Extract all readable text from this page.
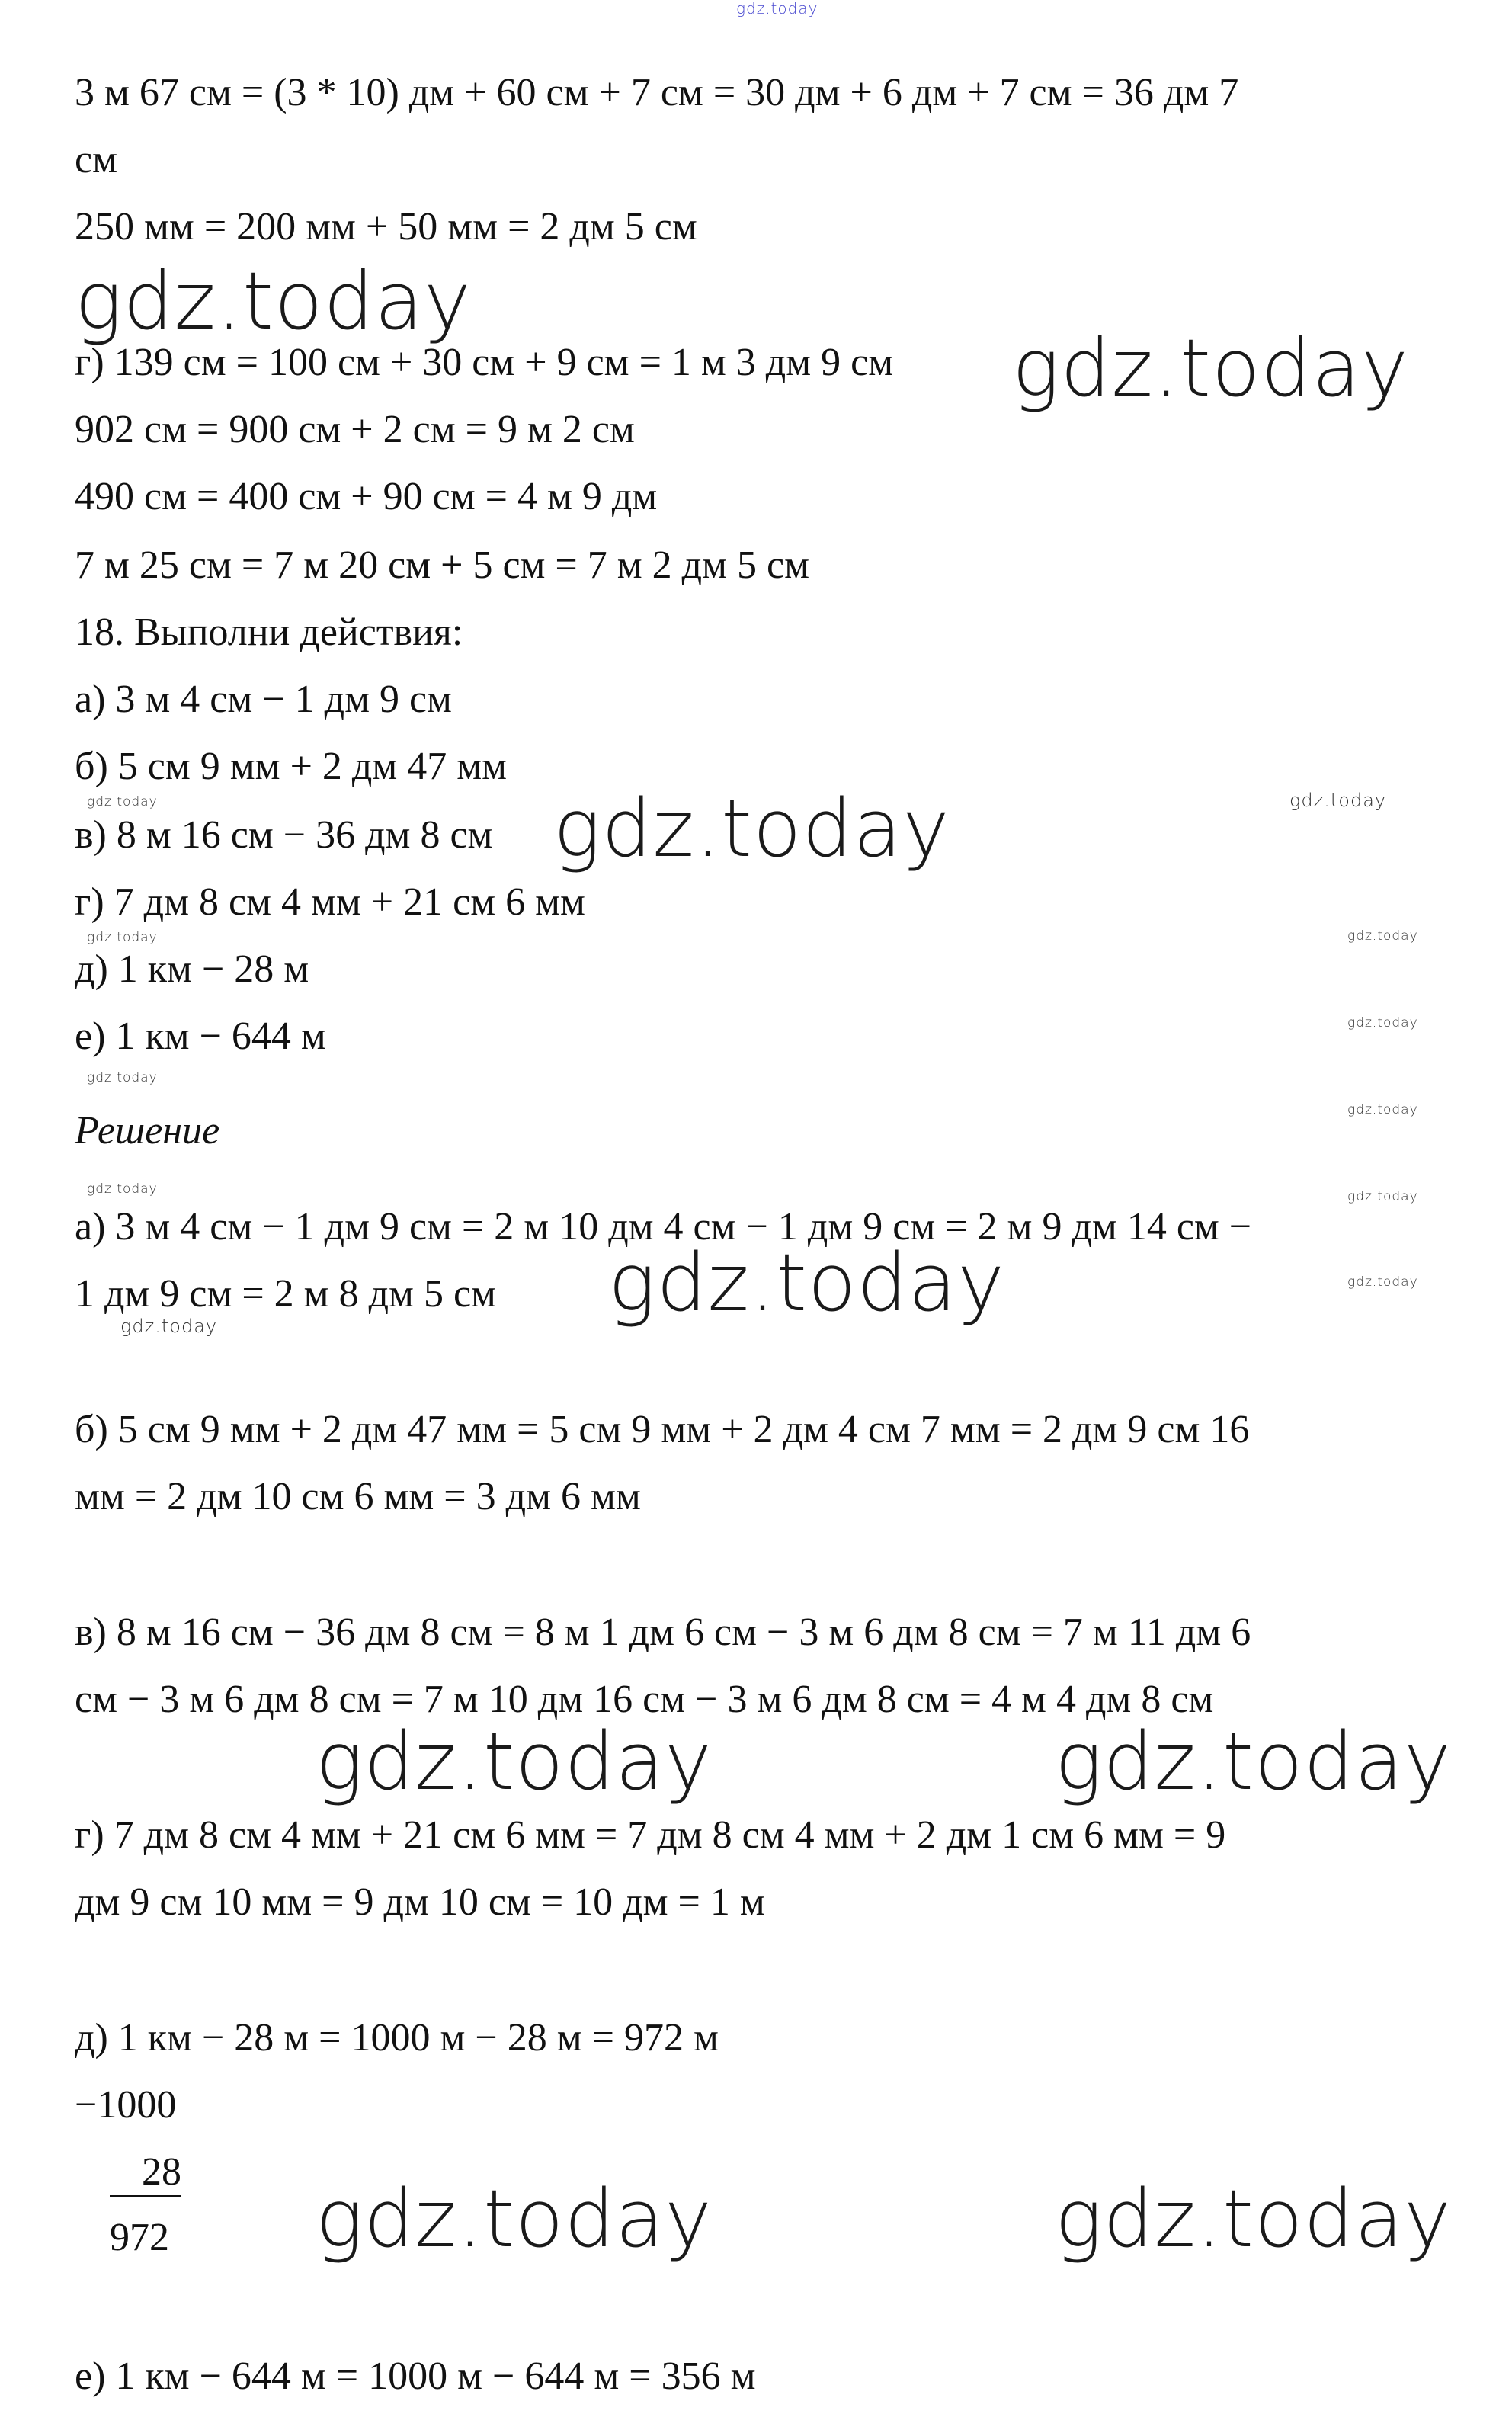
gdz.today
3 м 67 см = (3 * 10) дм + 60 см + 7 см = 30 дм + 6 дм + 7 см = 36 дм 7
см
250 мм = 200 мм + 50 мм = 2 дм 5 см
gdz.today
г) 139 см = 100 см + 30 см + 9 см = 1 м 3 дм 9 см gdz.today
902 см = 900 см + 2 см = 9 м 2 см
490 см = 400 см + 90 см = 4 м 9 дм
7 м 25 см = 7 м 20 см + 5 см = 7 м 2 дм 5 см
18. Выполни действия:
а) 3 м 4 см − 1 дм 9 см
б) 5 см 9 мм + 2 дм 47 мм
gdz.today	gdz.today
в) 8 м 16 см − 36 дм 8 см gdz.today
г) 7 дм 8 см 4 мм + 21 см 6 мм
gdz.today	gdz.today
д) 1 км − 28 м
gdz.today
е) 1 км − 644 м
gdz.today
gdz.today
Решение
gdz.today	gdz.today
а) 3 м 4 см − 1 дм 9 см = 2 м 10 дм 4 см − 1 дм 9 см = 2 м 9 дм 14 см −
1 дм 9 см = 2 м 8 дм 5 см gdz.today	gdz.today
gdz.today
б) 5 см 9 мм + 2 дм 47 мм = 5 см 9 мм + 2 дм 4 см 7 мм = 2 дм 9 см 16
мм = 2 дм 10 см 6 мм = 3 дм 6 мм
в) 8 м 16 см − 36 дм 8 см = 8 м 1 дм 6 см − 3 м 6 дм 8 см = 7 м 11 дм 6
см − 3 м 6 дм 8 см = 7 м 10 дм 16 см − 3 м 6 дм 8 см = 4 м 4 дм 8 см
gdz.today	gdz.today
г) 7 дм 8 см 4 мм + 21 см 6 мм = 7 дм 8 см 4 мм + 2 дм 1 см 6 мм = 9
дм 9 см 10 мм = 9 дм 10 см = 10 дм = 1 м
д) 1 км − 28 м = 1000 м − 28 м = 972 м
−1000
28
972 gdz.today	gdz.today
е) 1 км − 644 м = 1000 м − 644 м = 356 м
